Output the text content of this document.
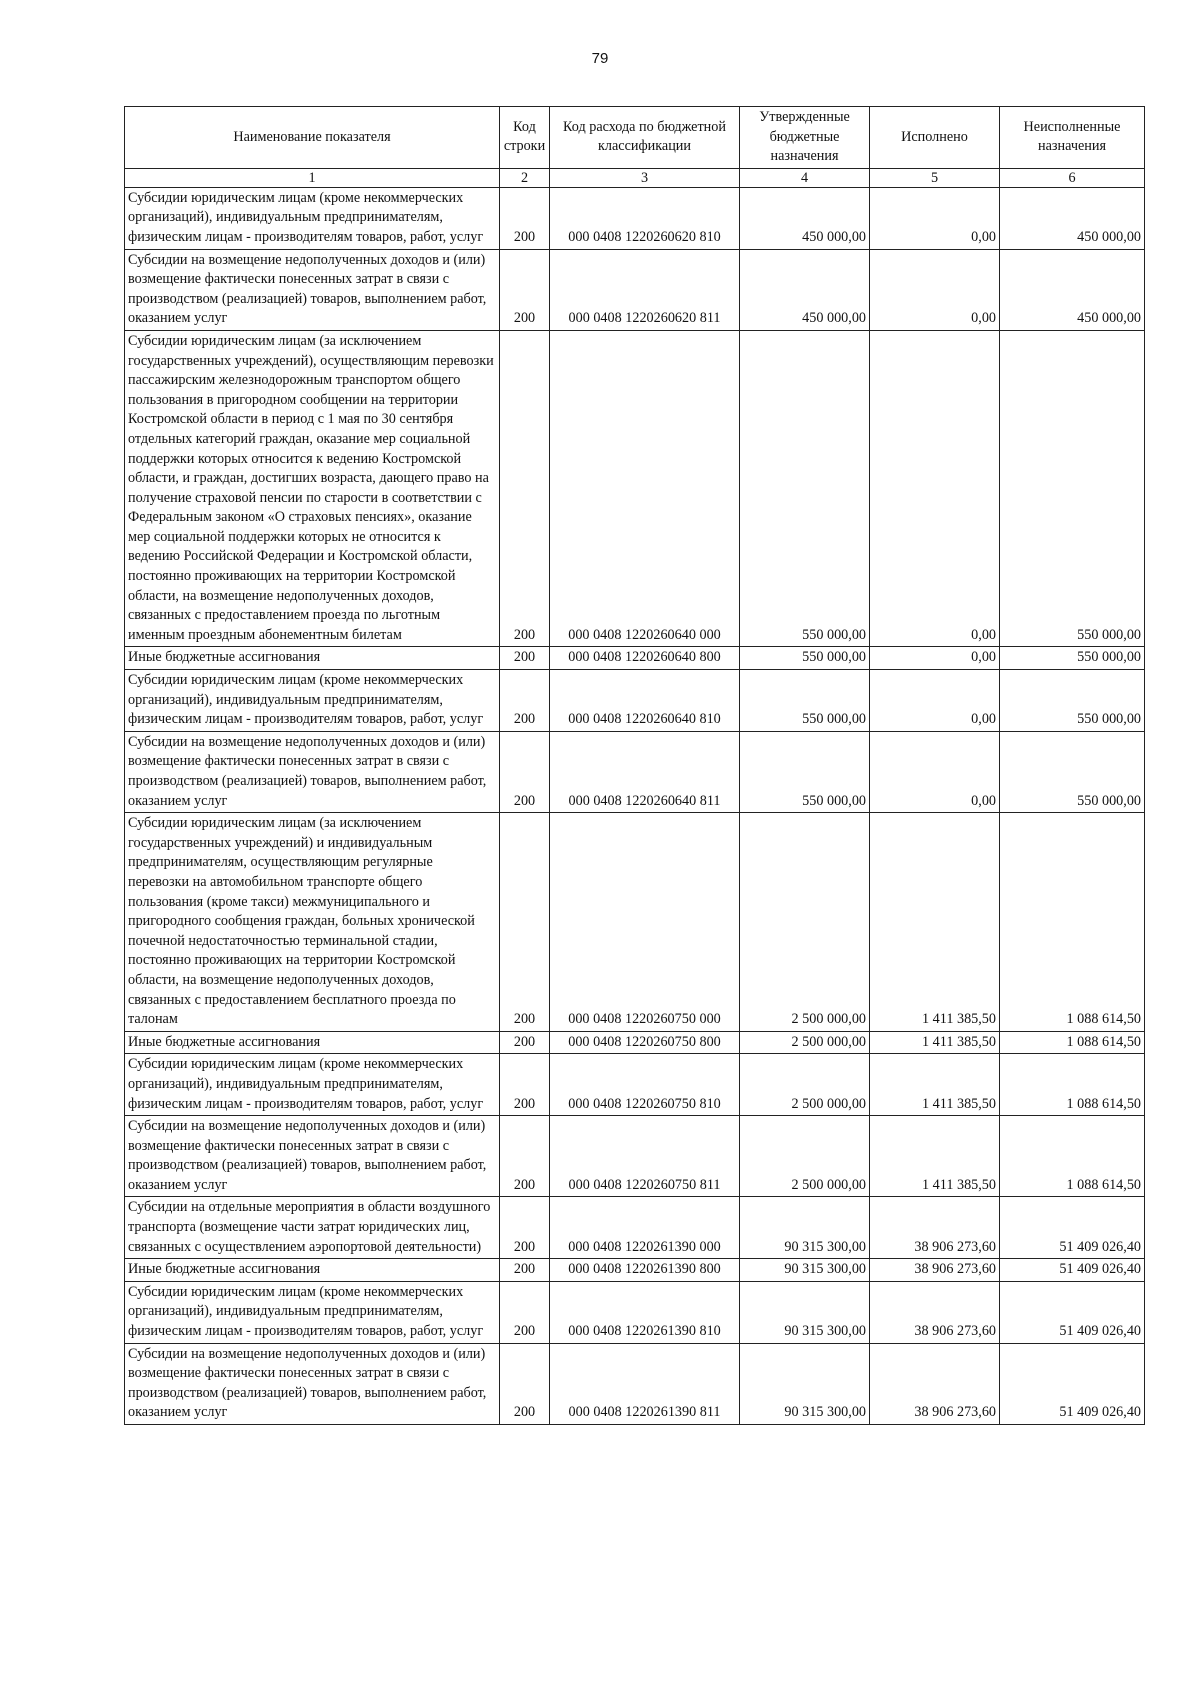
79
Наименование показателя	Код строки	Код расхода по бюджетной классификации	Утвержденные бюджетные назначения	Исполнено	Неисполненные назначения
1	2	3	4	5	6
Субсидии юридическим лицам (кроме некоммерческих организаций), индивидуальным предпринимателям, физическим лицам - производителям товаров, работ, услуг	200	000 0408 1220260620 810	450 000,00	0,00	450 000,00
Субсидии на возмещение недополученных доходов и (или) возмещение фактически понесенных затрат в связи с производством (реализацией) товаров, выполнением работ, оказанием услуг	200	000 0408 1220260620 811	450 000,00	0,00	450 000,00
Субсидии юридическим лицам (за исключением государственных учреждений), осуществляющим перевозки пассажирским железнодорожным транспортом общего пользования в пригородном сообщении на территории Костромской области в период с 1 мая по 30 сентября отдельных категорий граждан, оказание мер социальной поддержки которых относится к ведению Костромской области, и граждан, достигших возраста, дающего право на получение страховой пенсии по старости в соответствии с Федеральным законом «О страховых пенсиях», оказание мер социальной поддержки которых не относится к ведению Российской Федерации и Костромской области, постоянно проживающих на территории Костромской области, на возмещение недополученных доходов, связанных с предоставлением проезда по льготным именным проездным абонементным билетам	200	000 0408 1220260640 000	550 000,00	0,00	550 000,00
Иные бюджетные ассигнования	200	000 0408 1220260640 800	550 000,00	0,00	550 000,00
Субсидии юридическим лицам (кроме некоммерческих организаций), индивидуальным предпринимателям, физическим лицам - производителям товаров, работ, услуг	200	000 0408 1220260640 810	550 000,00	0,00	550 000,00
Субсидии на возмещение недополученных доходов и (или) возмещение фактически понесенных затрат в связи с производством (реализацией) товаров, выполнением работ, оказанием услуг	200	000 0408 1220260640 811	550 000,00	0,00	550 000,00
Субсидии юридическим лицам (за исключением государственных учреждений) и индивидуальным предпринимателям, осуществляющим регулярные перевозки на автомобильном транспорте общего пользования (кроме такси) межмуниципального и пригородного сообщения граждан, больных хронической почечной недостаточностью терминальной стадии, постоянно проживающих на территории Костромской области, на возмещение недополученных доходов, связанных с предоставлением бесплатного проезда по талонам	200	000 0408 1220260750 000	2 500 000,00	1 411 385,50	1 088 614,50
Иные бюджетные ассигнования	200	000 0408 1220260750 800	2 500 000,00	1 411 385,50	1 088 614,50
Субсидии юридическим лицам (кроме некоммерческих организаций), индивидуальным предпринимателям, физическим лицам - производителям товаров, работ, услуг	200	000 0408 1220260750 810	2 500 000,00	1 411 385,50	1 088 614,50
Субсидии на возмещение недополученных доходов и (или) возмещение фактически понесенных затрат в связи с производством (реализацией) товаров, выполнением работ, оказанием услуг	200	000 0408 1220260750 811	2 500 000,00	1 411 385,50	1 088 614,50
Субсидии на отдельные мероприятия в области воздушного транспорта (возмещение части затрат юридических лиц, связанных с осуществлением аэропортовой деятельности)	200	000 0408 1220261390 000	90 315 300,00	38 906 273,60	51 409 026,40
Иные бюджетные ассигнования	200	000 0408 1220261390 800	90 315 300,00	38 906 273,60	51 409 026,40
Субсидии юридическим лицам (кроме некоммерческих организаций), индивидуальным предпринимателям, физическим лицам - производителям товаров, работ, услуг	200	000 0408 1220261390 810	90 315 300,00	38 906 273,60	51 409 026,40
Субсидии на возмещение недополученных доходов и (или) возмещение фактически понесенных затрат в связи с производством (реализацией) товаров, выполнением работ, оказанием услуг	200	000 0408 1220261390 811	90 315 300,00	38 906 273,60	51 409 026,40
